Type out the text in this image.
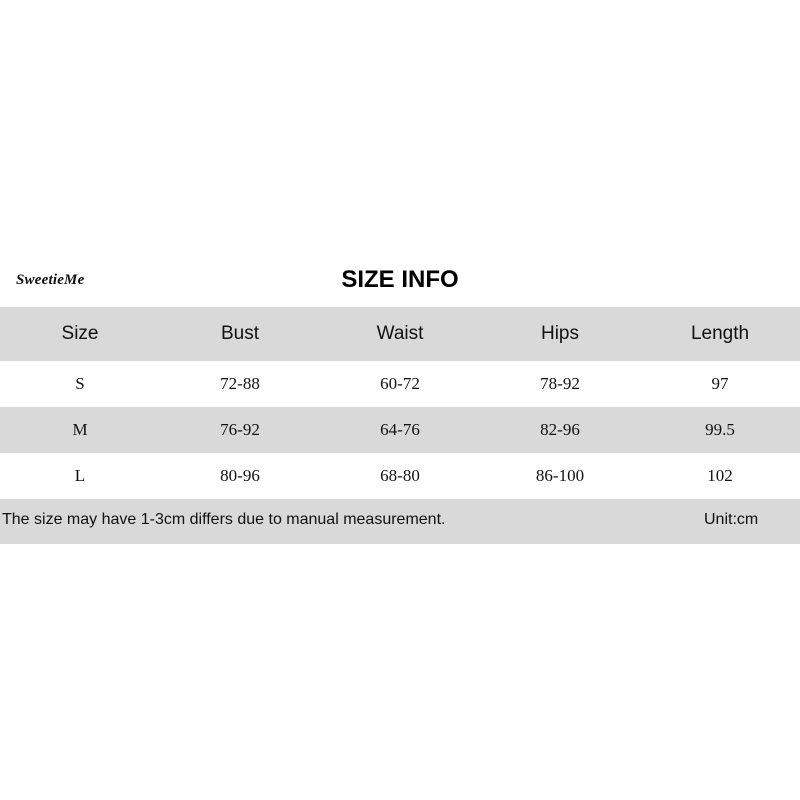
SweetieMe	SIZE INFO
Size	Bust	Waist	Hips	Length
S	72-88	60-72	78-92	97
M	76-92	64-76	82-96	99.5
L	80-96	68-80	86-100	102
The size may have 1-3cm differs due to manual measurement.	Unit:cm
